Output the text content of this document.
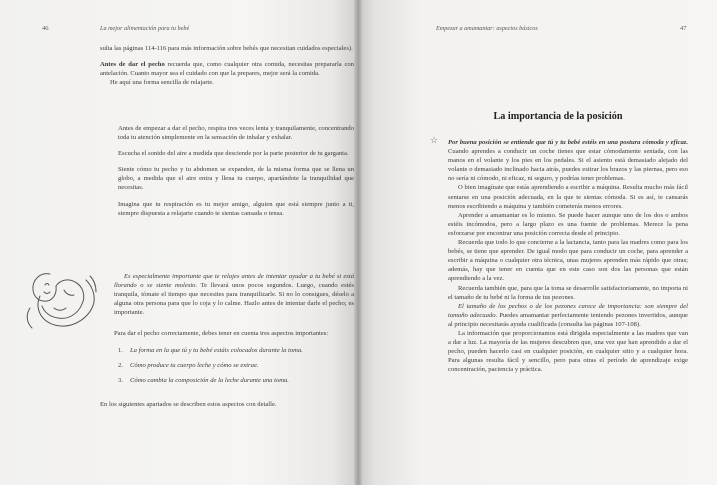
46	La mejor alimentación para tu bebé

sulta las páginas 114-116 para más información sobre bebés que necesitan cuidados especiales).

Antes de dar el pecho recuerda que, como cualquier otra comida, necesitas prepararla con antelación. Cuanto mayor sea el cuidado con que la prepares, mejor será la comida.

He aquí una forma sencilla de relajarte.

Antes de empezar a dar el pecho, respira tres veces lenta y tranquilamente, concentrando toda tu atención simplemente en la sensación de inhalar y exhalar.

Escucha el sonido del aire a medida que desciende por la parte posterior de tu garganta.

Siente cómo tu pecho y tu abdomen se expanden, de la misma forma que se llena un globo, a medida que el aire entra y llena tu cuerpo, apartándote la tranquilidad que necesitas.

Imagina que tu respiración es tu mejor amigo, alguien que está siempre junto a ti, siempre dispuesta a relajarte cuando te sientas cansada o tensa.

Es especialmente importante que te relajes antes de intentar ayudar a tu bebé si está llorando o se siente molesto. Te llevará unos pocos segundos. Luego, cuando estés tranquila, tómate el tiempo que necesites para tranquilizarle. Si no lo consigues, déselo a alguna otra persona para que lo coja y lo calme. Hazlo antes de intentar darle el pecho; es importante.

Para dar el pecho correctamente, debes tener en cuenta tres aspectos importantes:

1. La forma en la que tú y tu bebé estáis colocados durante la toma.
2. Cómo produce tu cuerpo leche y cómo se extrae.
3. Cómo cambia la composición de la leche durante una toma.

En los siguientes apartados se describen estos aspectos con detalle.

Empezar a amamantar: aspectos básicos	47
La importancia de la posición
☆ Por buena posición se entiende que tú y tu bebé estéis en una postura cómoda y eficaz. Cuando aprendes a conducir un coche tienes que estar cómodamente sentada, con las manos en el volante y los pies en los pedales. Si el asiento está demasiado alejado del volante o demasiado inclinado hacia atrás, puedes estirar los brazos y las piernas, pero eso no sería ni cómodo, ni eficaz, ni seguro, y podrías tener problemas.

O bien imagínate que estás aprendiendo a escribir a máquina. Resulta mucho más fácil sentarse en una posición adecuada, en la que te sientas cómoda. Si es así, te cansarás menos escribiendo a máquina y también cometerás menos errores.

Aprender a amamantar es lo mismo. Se puede hacer aunque uno de los dos o ambos estéis incómodos, pero a largo plazo es una fuente de problemas. Merece la pena esforzarse por encontrar una posición correcta desde el principio.

Recuerda que todo lo que concierne a la lactancia, tanto para las madres como para los bebés, se tiene que aprender. De igual modo que para conducir un coche, para aprender a escribir a máquina o cualquier otra técnica, unas mujeres aprenden más rápido que otras; además, hay que tener en cuenta que en este caso son dos las personas que están aprendiendo a la vez.

Recuerda también que, para que la toma se desarrolle satisfactoriamente, no importa ni el tamaño de tu bebé ni la forma de tus pezones.

El tamaño de los pechos o de los pezones carece de importancia: son siempre del tamaño adecuado. Puedes amamantar perfectamente teniendo pezones invertidos, aunque al principio necesitarás ayuda cualificada (consulta las páginas 107-108).

La información que proporcionamos está dirigida especialmente a las madres que van a dar a luz. La mayoría de las mujeres descubren que, una vez que han aprendido a dar el pecho, pueden hacerlo casi en cualquier posición, en cualquier sitio y a cualquier hora. Para algunas resulta fácil y sencillo, pero para otras el período de aprendizaje exige concentración, paciencia y práctica.
